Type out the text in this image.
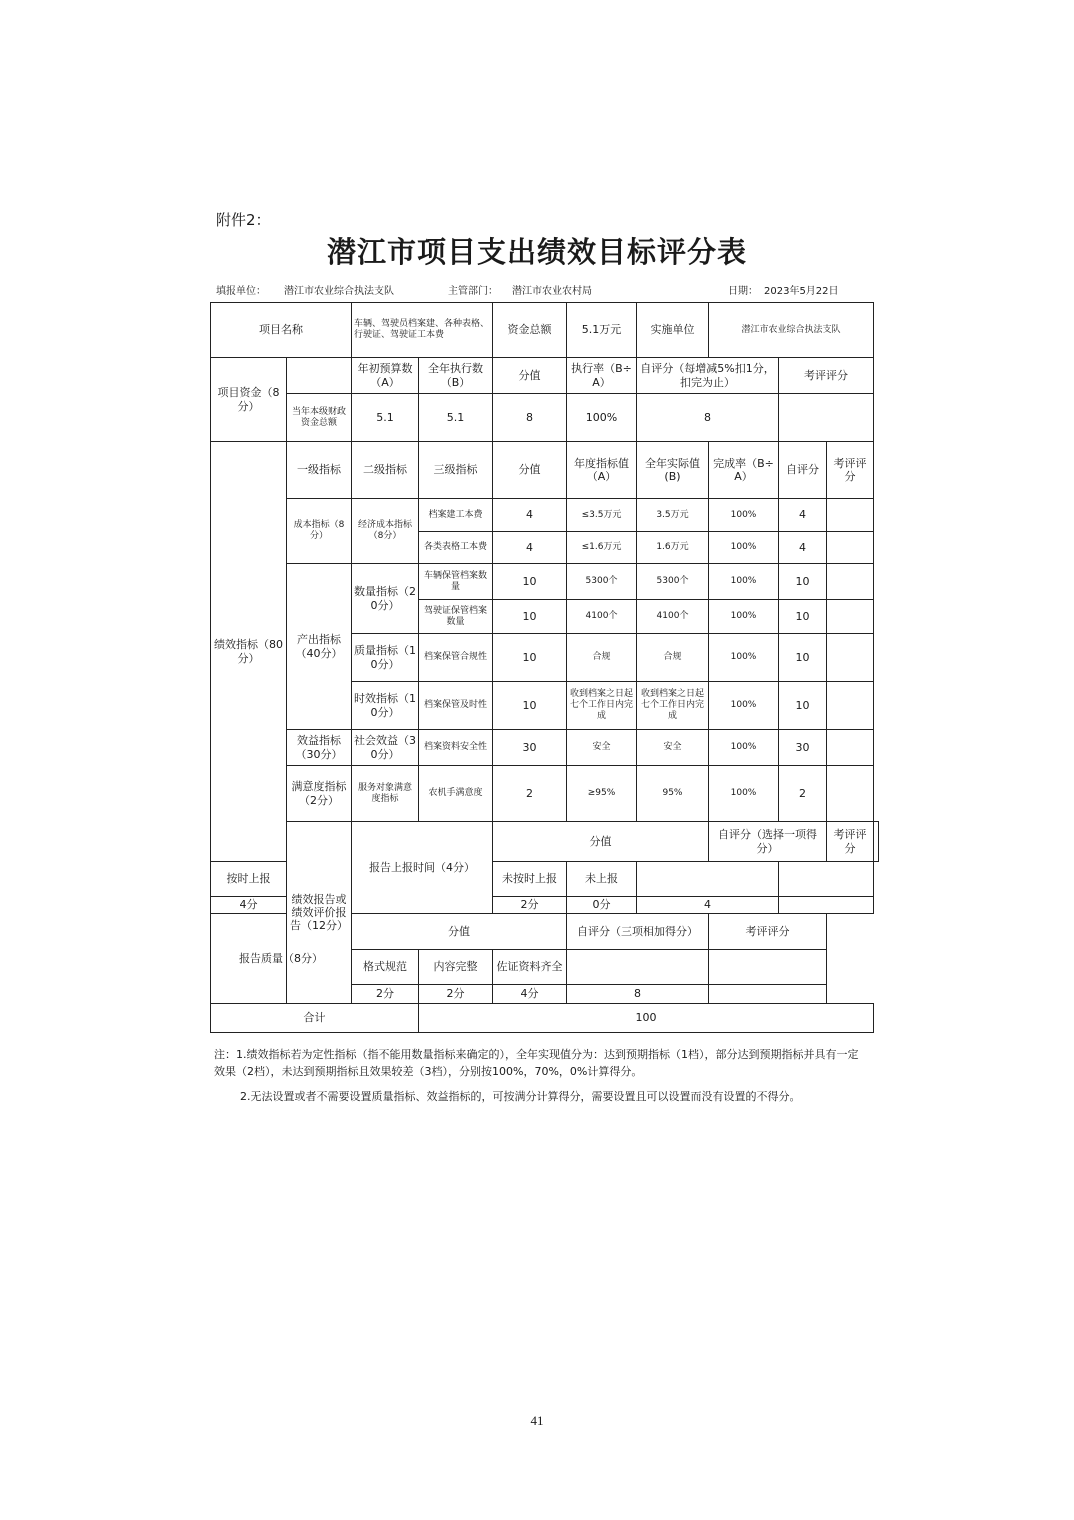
附件2：
潜江市项目支出绩效目标评分表
填报单位： 潜江市农业综合执法支队	主管部门： 潜江市农业农村局	日期： 2023年5月22日
项目名称		车辆、驾驶员档案建、各种表格、行驶证、驾驶证工本费		资金总额	5.1万元	实施单位	潜江市农业综合执法支队			
项目资金（8分）		年初预算数（A）	全年执行数（B）	分值	执行率（B÷A）	自评分（每增减5%扣1分，扣完为止）		考评评分		
	当年本级财政资金总额	5.1	5.1	8	100%	8				
绩效指标（80分）	一级指标	二级指标	三级指标	分值	年度指标值（A）	全年实际值(B)	完成率（B÷A）	自评分	考评评分	
	成本指标（8分）	经济成本指标（8分）	档案建工本费	4	≤3.5万元	3.5万元	100%	4		
			各类表格工本费	4	≤1.6万元	1.6万元	100%	4		
	产出指标（40分）	数量指标（20分）	车辆保管档案数量	10	5300个	5300个	100%	10		
			驾驶证保管档案数量	10	4100个	4100个	100%	10		
		质量指标（10分）	档案保管合规性	10	合规	合规	100%	10		
		时效指标（10分）	档案保管及时性	10	收到档案之日起七个工作日内完成	收到档案之日起七个工作日内完成	100%	10		
	效益指标（30分）	社会效益（30分）	档案资料安全性	30	安全	安全	100%	30		
	满意度指标（2分）	服务对象满意度指标	农机手满意度	2	≥95%	95%	100%	2		
	绩效报告或绩效评价报告（12分）	报告上报时间（4分）		分值			自评分（选择一项得分）		考评评分	
按时上报				未按时上报	未上报					
4分				2分	0分	4				
报告质量（8分）		分值			自评分（三项相加得分）		考评评分			
		格式规范	内容完整	佐证资料齐全						
		2分	2分	4分	8					
合计			100							

注：1.绩效指标若为定性指标（指不能用数量指标来确定的），全年实现值分为：达到预期指标（1档），部分达到预期指标并具有一定效果（2档），未达到预期指标且效果较差（3档），分别按100%，70%，0%计算得分。

2.无法设置或者不需要设置质量指标、效益指标的，可按满分计算得分，需要设置且可以设置而没有设置的不得分。

41
